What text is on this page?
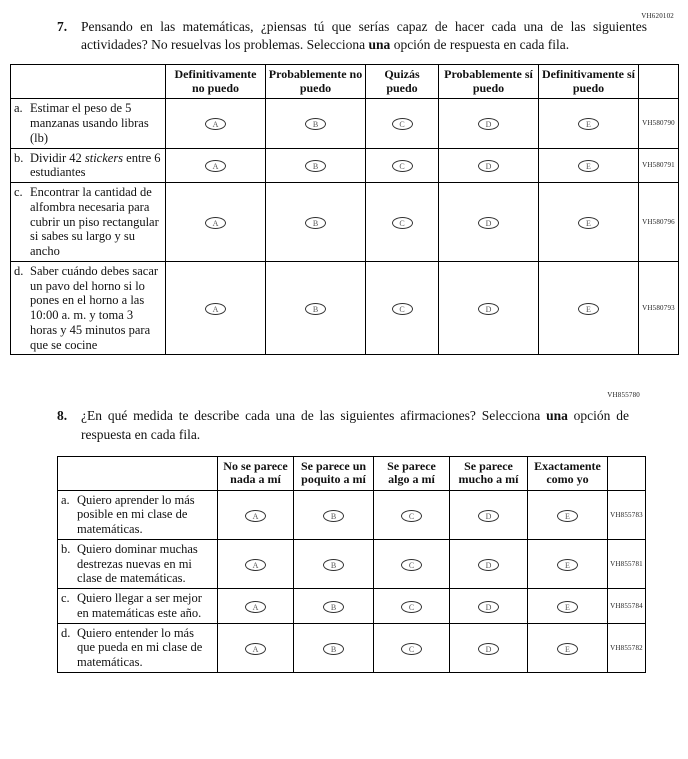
VH620102
7.	Pensando en las matemáticas, ¿piensas tú que serías capaz de hacer cada una de las siguientes actividades? No resuelvas los problemas. Selecciona una opción de respuesta en cada fila.
	Definitivamente no puedo	Probablemente no puedo	Quizás puedo	Probablemente sí puedo	Definitivamente sí puedo	

a. Estimar el peso de 5 manzanas usando libras (lb)	A	B	C	D	E	VH580790

b. Dividir 42 stickers entre 6 estudiantes	A	B	C	D	E	VH580791

c. Encontrar la cantidad de alfombra necesaria para cubrir un piso rectangular si sabes su largo y su ancho	A	B	C	D	E	VH580796

d. Saber cuándo debes sacar un pavo del horno si lo pones en el horno a las 10:00 a. m. y toma 3 horas y 45 minutos para que se cocine	A	B	C	D	E	VH580793
VH855780
8.	¿En qué medida te describe cada una de las siguientes afirmaciones? Selecciona una opción de respuesta en cada fila.
	No se parece nada a mí	Se parece un poquito a mí	Se parece algo a mí	Se parece mucho a mí	Exactamente como yo	

a. Quiero aprender lo más posible en mi clase de matemáticas.	A	B	C	D	E	VH855783

b. Quiero dominar muchas destrezas nuevas en mi clase de matemáticas.	A	B	C	D	E	VH855781

c. Quiero llegar a ser mejor en matemáticas este año.	A	B	C	D	E	VH855784

d. Quiero entender lo más que pueda en mi clase de matemáticas.	A	B	C	D	E	VH855782
